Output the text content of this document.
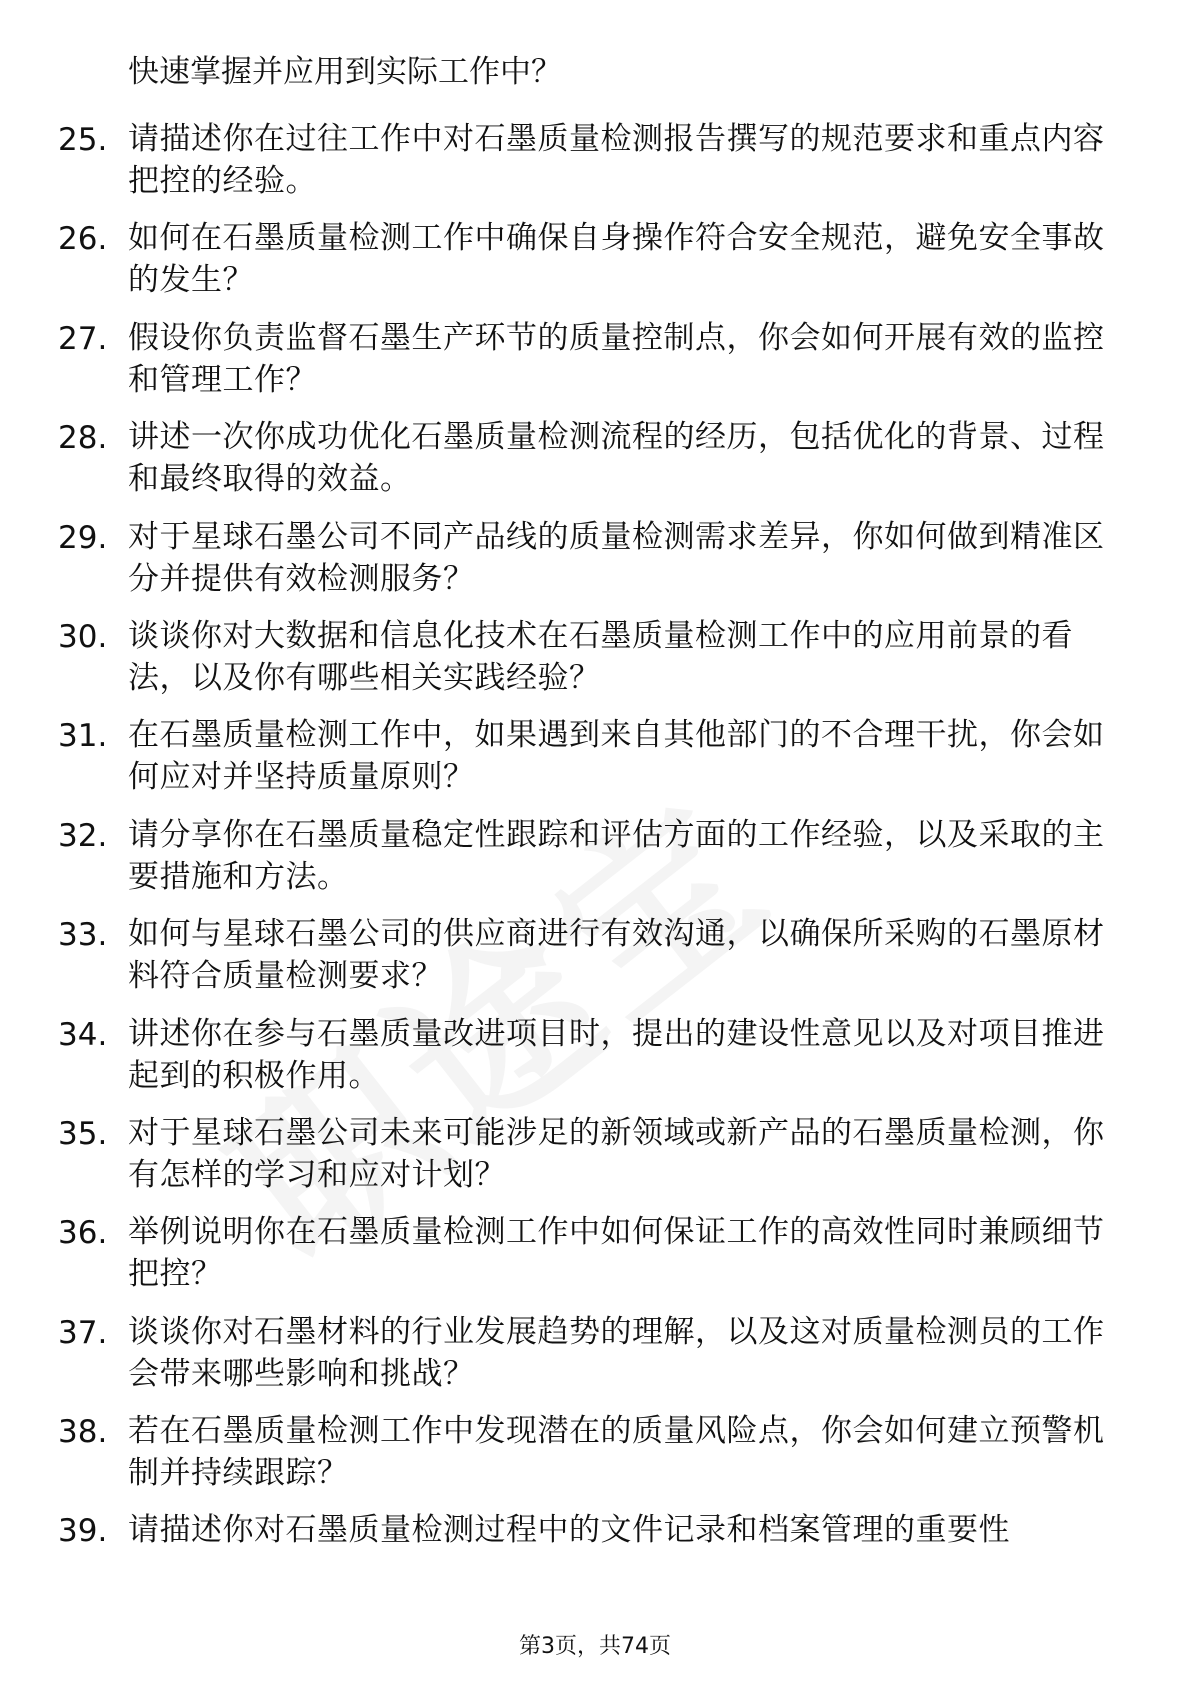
快速掌握并应用到实际工作中？
25. 请描述你在过往工作中对石墨质量检测报告撰写的规范要求和重点内容把控的经验。
26. 如何在石墨质量检测工作中确保自身操作符合安全规范，避免安全事故的发生？
27. 假设你负责监督石墨生产环节的质量控制点，你会如何开展有效的监控和管理工作？
28. 讲述一次你成功优化石墨质量检测流程的经历，包括优化的背景、过程和最终取得的效益。
29. 对于星球石墨公司不同产品线的质量检测需求差异，你如何做到精准区分并提供有效检测服务？
30. 谈谈你对大数据和信息化技术在石墨质量检测工作中的应用前景的看法，以及你有哪些相关实践经验？
31. 在石墨质量检测工作中，如果遇到来自其他部门的不合理干扰，你会如何应对并坚持质量原则？
32. 请分享你在石墨质量稳定性跟踪和评估方面的工作经验，以及采取的主要措施和方法。
33. 如何与星球石墨公司的供应商进行有效沟通，以确保所采购的石墨原材料符合质量检测要求？
34. 讲述你在参与石墨质量改进项目时，提出的建设性意见以及对项目推进起到的积极作用。
35. 对于星球石墨公司未来可能涉足的新领域或新产品的石墨质量检测，你有怎样的学习和应对计划？
36. 举例说明你在石墨质量检测工作中如何保证工作的高效性同时兼顾细节把控？
37. 谈谈你对石墨材料的行业发展趋势的理解，以及这对质量检测员的工作会带来哪些影响和挑战？
38. 若在石墨质量检测工作中发现潜在的质量风险点，你会如何建立预警机制并持续跟踪？
39. 请描述你对石墨质量检测过程中的文件记录和档案管理的重要性
第3页，共74页
